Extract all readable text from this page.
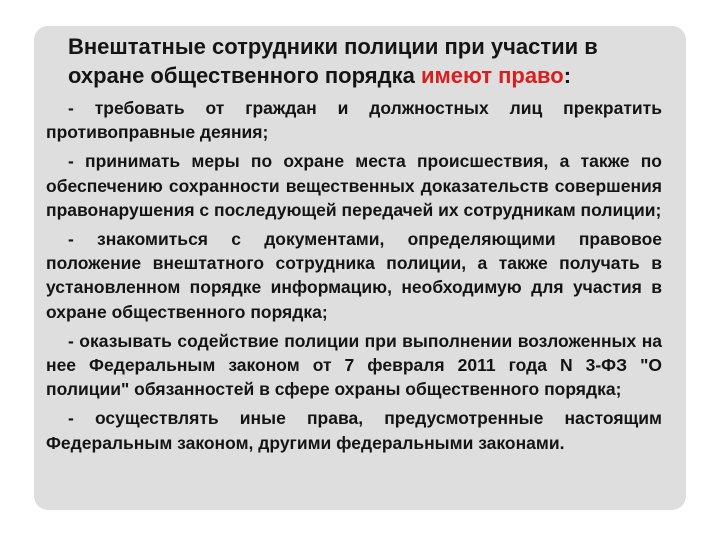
Внештатные сотрудники полиции при участии в охране общественного порядка имеют право:

- требовать от граждан и должностных лиц прекратить противоправные деяния;

- принимать меры по охране места происшествия, а также по обеспечению сохранности вещественных доказательств совершения правонарушения с последующей передачей их сотрудникам полиции;

- знакомиться с документами, определяющими правовое положение внештатного сотрудника полиции, а также получать в установленном порядке информацию, необходимую для участия в охране общественного порядка;

- оказывать содействие полиции при выполнении возложенных на нее Федеральным законом от 7 февраля 2011 года N 3-ФЗ "О полиции" обязанностей в сфере охраны общественного порядка;

- осуществлять иные права, предусмотренные настоящим Федеральным законом, другими федеральными законами.
